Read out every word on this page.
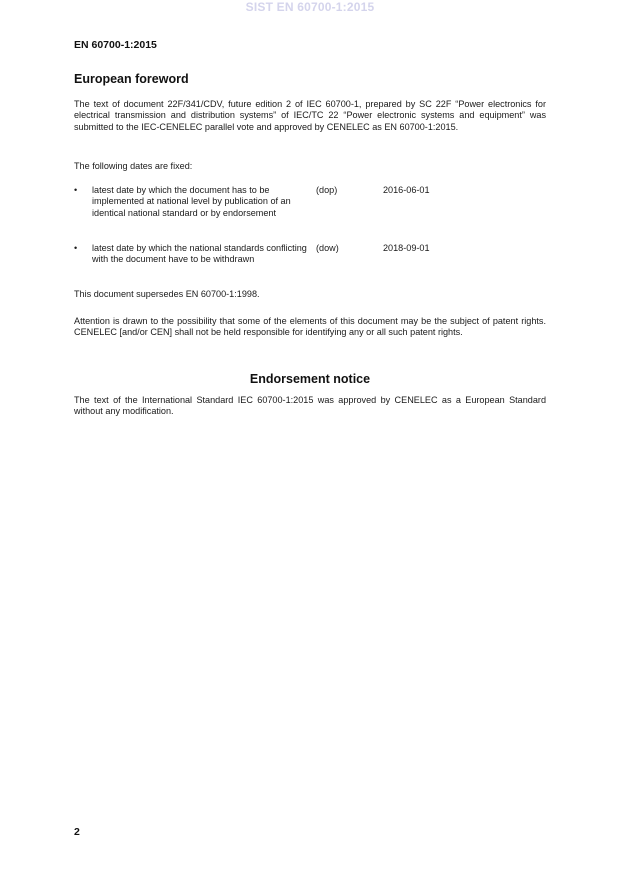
SIST EN 60700-1:2015
EN 60700-1:2015
European foreword
The text of document 22F/341/CDV, future edition 2 of IEC 60700-1, prepared by SC 22F “Power electronics for electrical transmission and distribution systems” of IEC/TC 22 “Power electronic systems and equipment” was submitted to the IEC-CENELEC parallel vote and approved by CENELEC as EN 60700-1:2015.
The following dates are fixed:
• latest date by which the document has to be implemented at national level by publication of an identical national standard or by endorsement
(dop)	2016-06-01
• latest date by which the national standards conflicting with the document have to be withdrawn
(dow)	2018-09-01
This document supersedes EN 60700-1:1998.
Attention is drawn to the possibility that some of the elements of this document may be the subject of patent rights. CENELEC [and/or CEN] shall not be held responsible for identifying any or all such patent rights.
Endorsement notice
The text of the International Standard IEC 60700-1:2015 was approved by CENELEC as a European Standard without any modification.
2
